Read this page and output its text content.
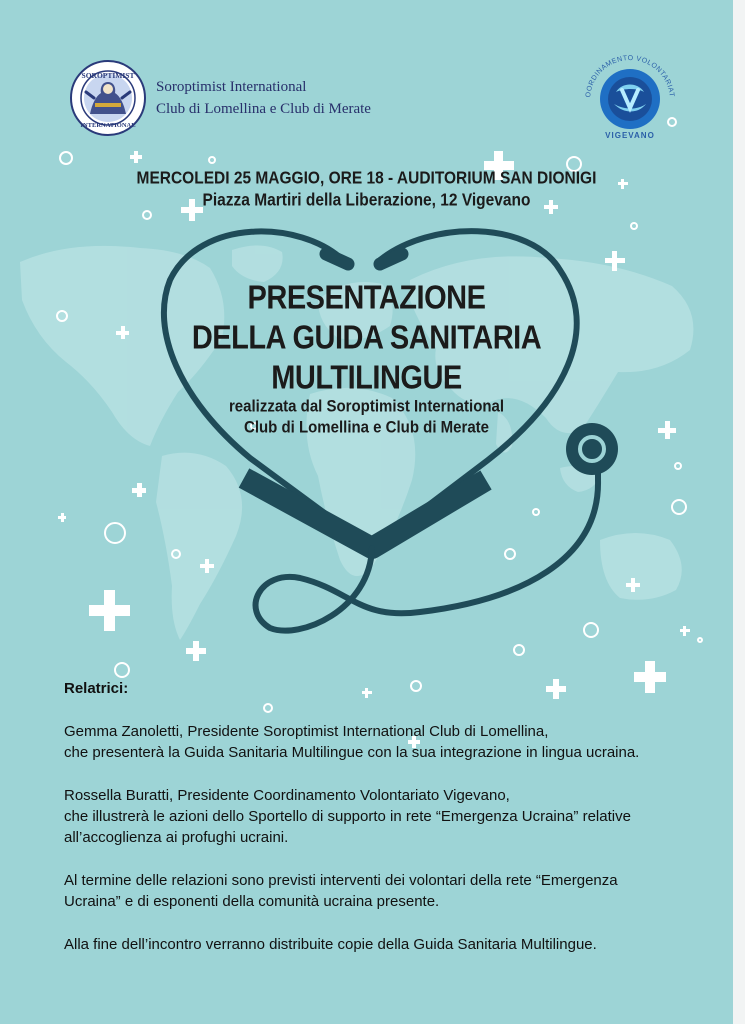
SOROPTIMIST
INTERNATIONAL
Soroptimist International
Club di Lomellina e Club di Merate
OORDINAMENTO VOLONTARIAT
VIGEVANO
MERCOLEDI 25 MAGGIO, ORE 18 - AUDITORIUM SAN DIONIGI
Piazza Martiri della Liberazione, 12 Vigevano
PRESENTAZIONE
DELLA GUIDA SANITARIA
MULTILINGUE
realizzata dal Soroptimist International
Club di Lomellina e Club di Merate
Relatrici:

Gemma Zanoletti, Presidente Soroptimist International Club di Lomellina,
che presenterà la Guida Sanitaria Multilingue con la sua integrazione in lingua ucraina.

Rossella Buratti, Presidente Coordinamento Volontariato Vigevano,
che illustrerà le azioni dello Sportello di supporto in rete “Emergenza Ucraina” relative
all’accoglienza ai profughi ucraini.

Al termine delle relazioni sono previsti interventi dei volontari della rete “Emergenza
Ucraina” e di esponenti della comunità ucraina presente.

Alla fine dell’incontro verranno distribuite copie della Guida Sanitaria Multilingue.
